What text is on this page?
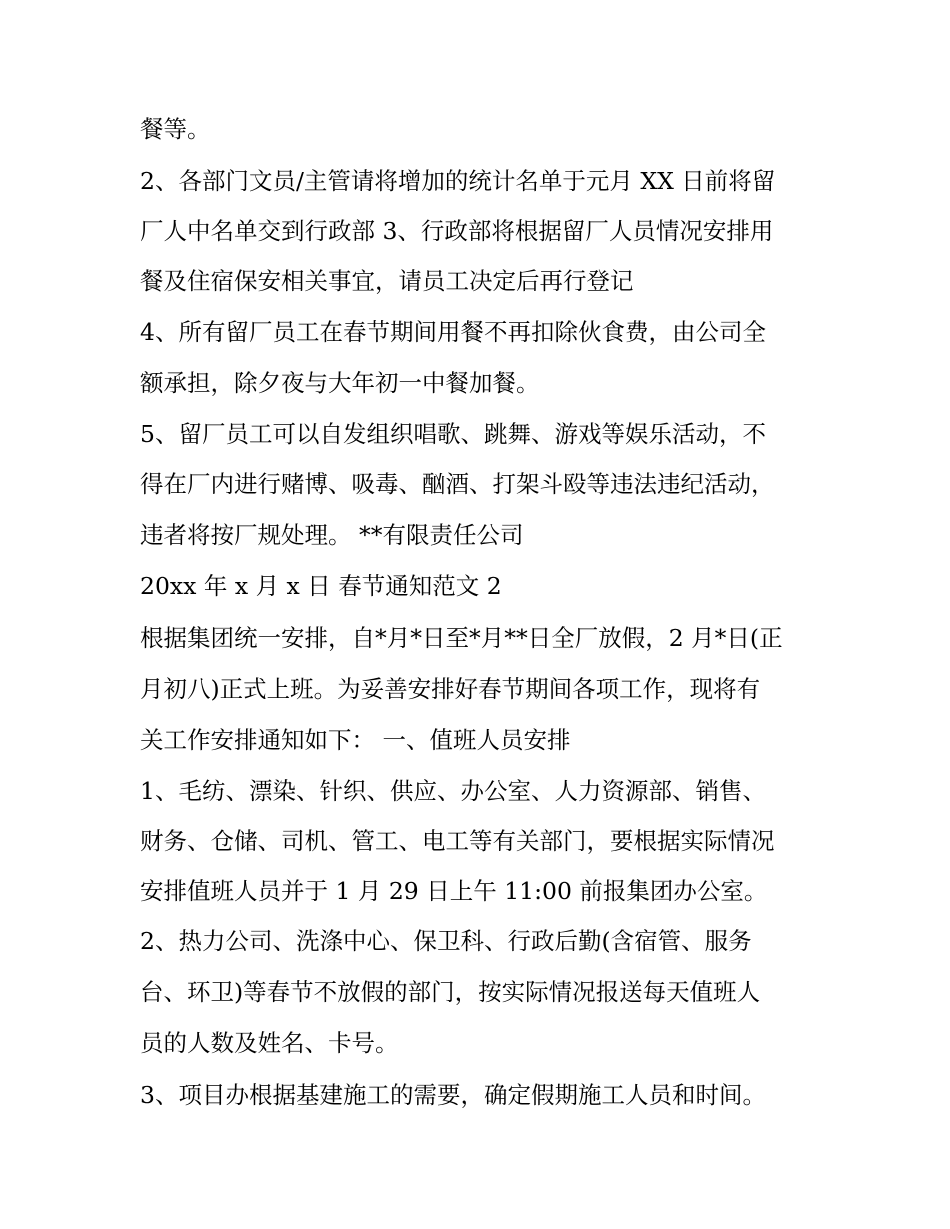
餐等。
2、各部门文员/主管请将增加的统计名单于元月 XX 日前将留
厂人中名单交到行政部 3、行政部将根据留厂人员情况安排用
餐及住宿保安相关事宜，请员工决定后再行登记
4、所有留厂员工在春节期间用餐不再扣除伙食费，由公司全
额承担，除夕夜与大年初一中餐加餐。
5、留厂员工可以自发组织唱歌、跳舞、游戏等娱乐活动，不
得在厂内进行赌博、吸毒、酗酒、打架斗殴等违法违纪活动，
违者将按厂规处理。 **有限责任公司
20xx 年 x 月 x 日 春节通知范文 2
根据集团统一安排，自*月*日至*月**日全厂放假，2 月*日(正
月初八)正式上班。为妥善安排好春节期间各项工作，现将有
关工作安排通知如下： 一、值班人员安排
1、毛纺、漂染、针织、供应、办公室、人力资源部、销售、
财务、仓储、司机、管工、电工等有关部门，要根据实际情况
安排值班人员并于 1 月 29 日上午 11:00 前报集团办公室。
2、热力公司、洗涤中心、保卫科、行政后勤(含宿管、服务
台、环卫)等春节不放假的部门，按实际情况报送每天值班人
员的人数及姓名、卡号。
3、项目办根据基建施工的需要，确定假期施工人员和时间。
